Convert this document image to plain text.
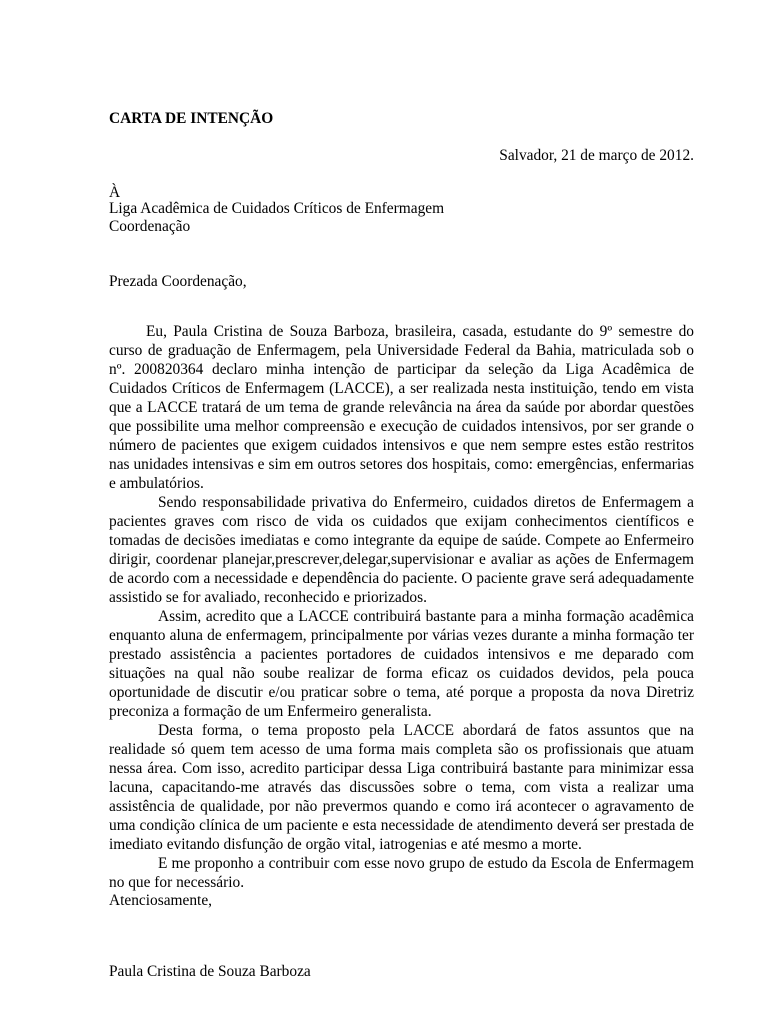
CARTA DE INTENÇÃO
Salvador, 21 de março de 2012.
À
Liga Acadêmica de Cuidados Críticos de Enfermagem
Coordenação
Prezada Coordenação,

Eu, Paula Cristina de Souza Barboza, brasileira, casada, estudante do 9º semestre do curso de graduação de Enfermagem, pela Universidade Federal da Bahia, matriculada sob o nº. 200820364 declaro minha intenção de participar da seleção da Liga Acadêmica de Cuidados Críticos de Enfermagem (LACCE), a ser realizada nesta instituição, tendo em vista que a LACCE tratará de um tema de grande relevância na área da saúde por abordar questões que possibilite uma melhor compreensão e execução de cuidados intensivos, por ser grande o número de pacientes que exigem cuidados intensivos e que nem sempre estes estão restritos nas unidades intensivas e sim em outros setores dos hospitais, como: emergências, enfermarias e ambulatórios.

Sendo responsabilidade privativa do Enfermeiro, cuidados diretos de Enfermagem a pacientes graves com risco de vida os cuidados que exijam conhecimentos científicos e tomadas de decisões imediatas e como integrante da equipe de saúde. Compete ao Enfermeiro dirigir, coordenar planejar,prescrever,delegar,supervisionar e avaliar as ações de Enfermagem de acordo com a necessidade e dependência do paciente. O paciente grave será adequadamente assistido se for avaliado, reconhecido e priorizados.

Assim, acredito que a LACCE contribuirá bastante para a minha formação acadêmica enquanto aluna de enfermagem, principalmente por várias vezes durante a minha formação ter prestado assistência a pacientes portadores de cuidados intensivos e me deparado com situações na qual não soube realizar de forma eficaz os cuidados devidos, pela pouca oportunidade de discutir e/ou praticar sobre o tema, até porque a proposta da nova Diretriz preconiza a formação de um Enfermeiro generalista.

Desta forma, o tema proposto pela LACCE abordará de fatos assuntos que na realidade só quem tem acesso de uma forma mais completa são os profissionais que atuam nessa área. Com isso, acredito participar dessa Liga contribuirá bastante para minimizar essa lacuna, capacitando-me através das discussões sobre o tema, com vista a realizar uma assistência de qualidade, por não prevermos quando e como irá acontecer o agravamento de uma condição clínica de um paciente e esta necessidade de atendimento deverá ser prestada de imediato evitando disfunção de orgão vital, iatrogenias e até mesmo a morte.

E me proponho a contribuir com esse novo grupo de estudo da Escola de Enfermagem no que for necessário.

Atenciosamente,
Paula Cristina de Souza Barboza
